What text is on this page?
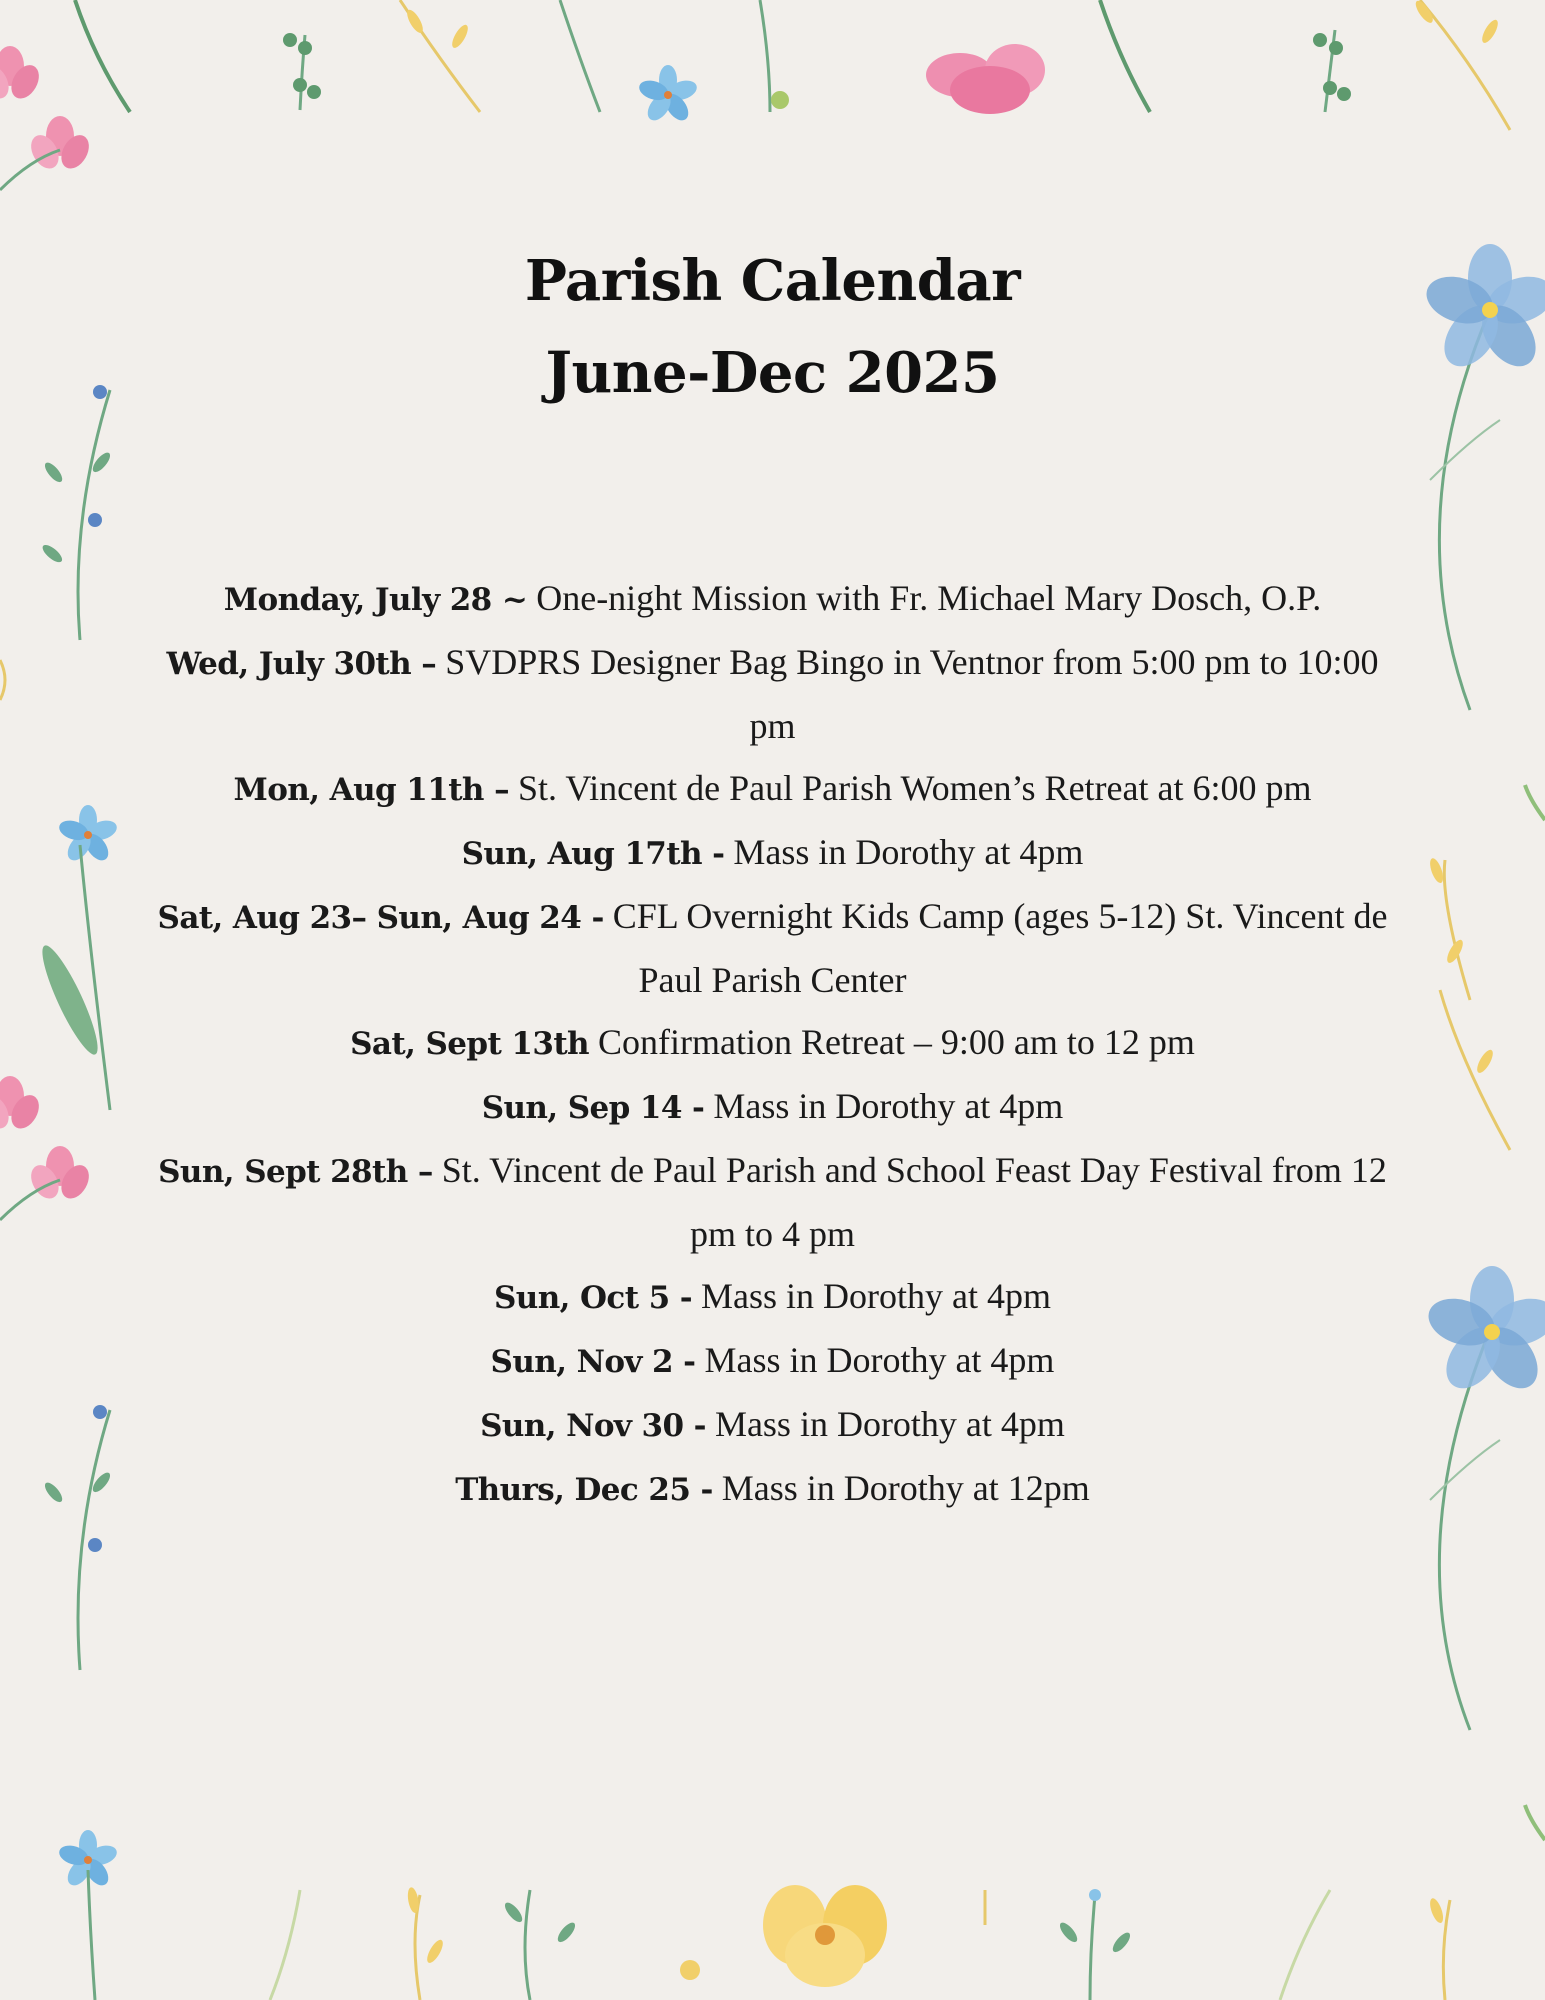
Parish Calendar
June-Dec 2025
Monday, July 28 ~ One-night Mission with Fr. Michael Mary Dosch, O.P.
Wed, July 30th – SVDPRS Designer Bag Bingo in Ventnor from 5:00 pm to 10:00 pm
Mon, Aug 11th – St. Vincent de Paul Parish Women’s Retreat at 6:00 pm
Sun, Aug 17th - Mass in Dorothy at 4pm
Sat, Aug 23– Sun, Aug 24 - CFL Overnight Kids Camp (ages 5-12) St. Vincent de Paul Parish Center
Sat, Sept 13th Confirmation Retreat – 9:00 am to 12 pm
Sun, Sep 14 - Mass in Dorothy at 4pm
Sun, Sept 28th – St. Vincent de Paul Parish and School Feast Day Festival from 12 pm to 4 pm
Sun, Oct 5 - Mass in Dorothy at 4pm
Sun, Nov 2 - Mass in Dorothy at 4pm
Sun, Nov 30 - Mass in Dorothy at 4pm
Thurs, Dec 25 - Mass in Dorothy at 12pm
